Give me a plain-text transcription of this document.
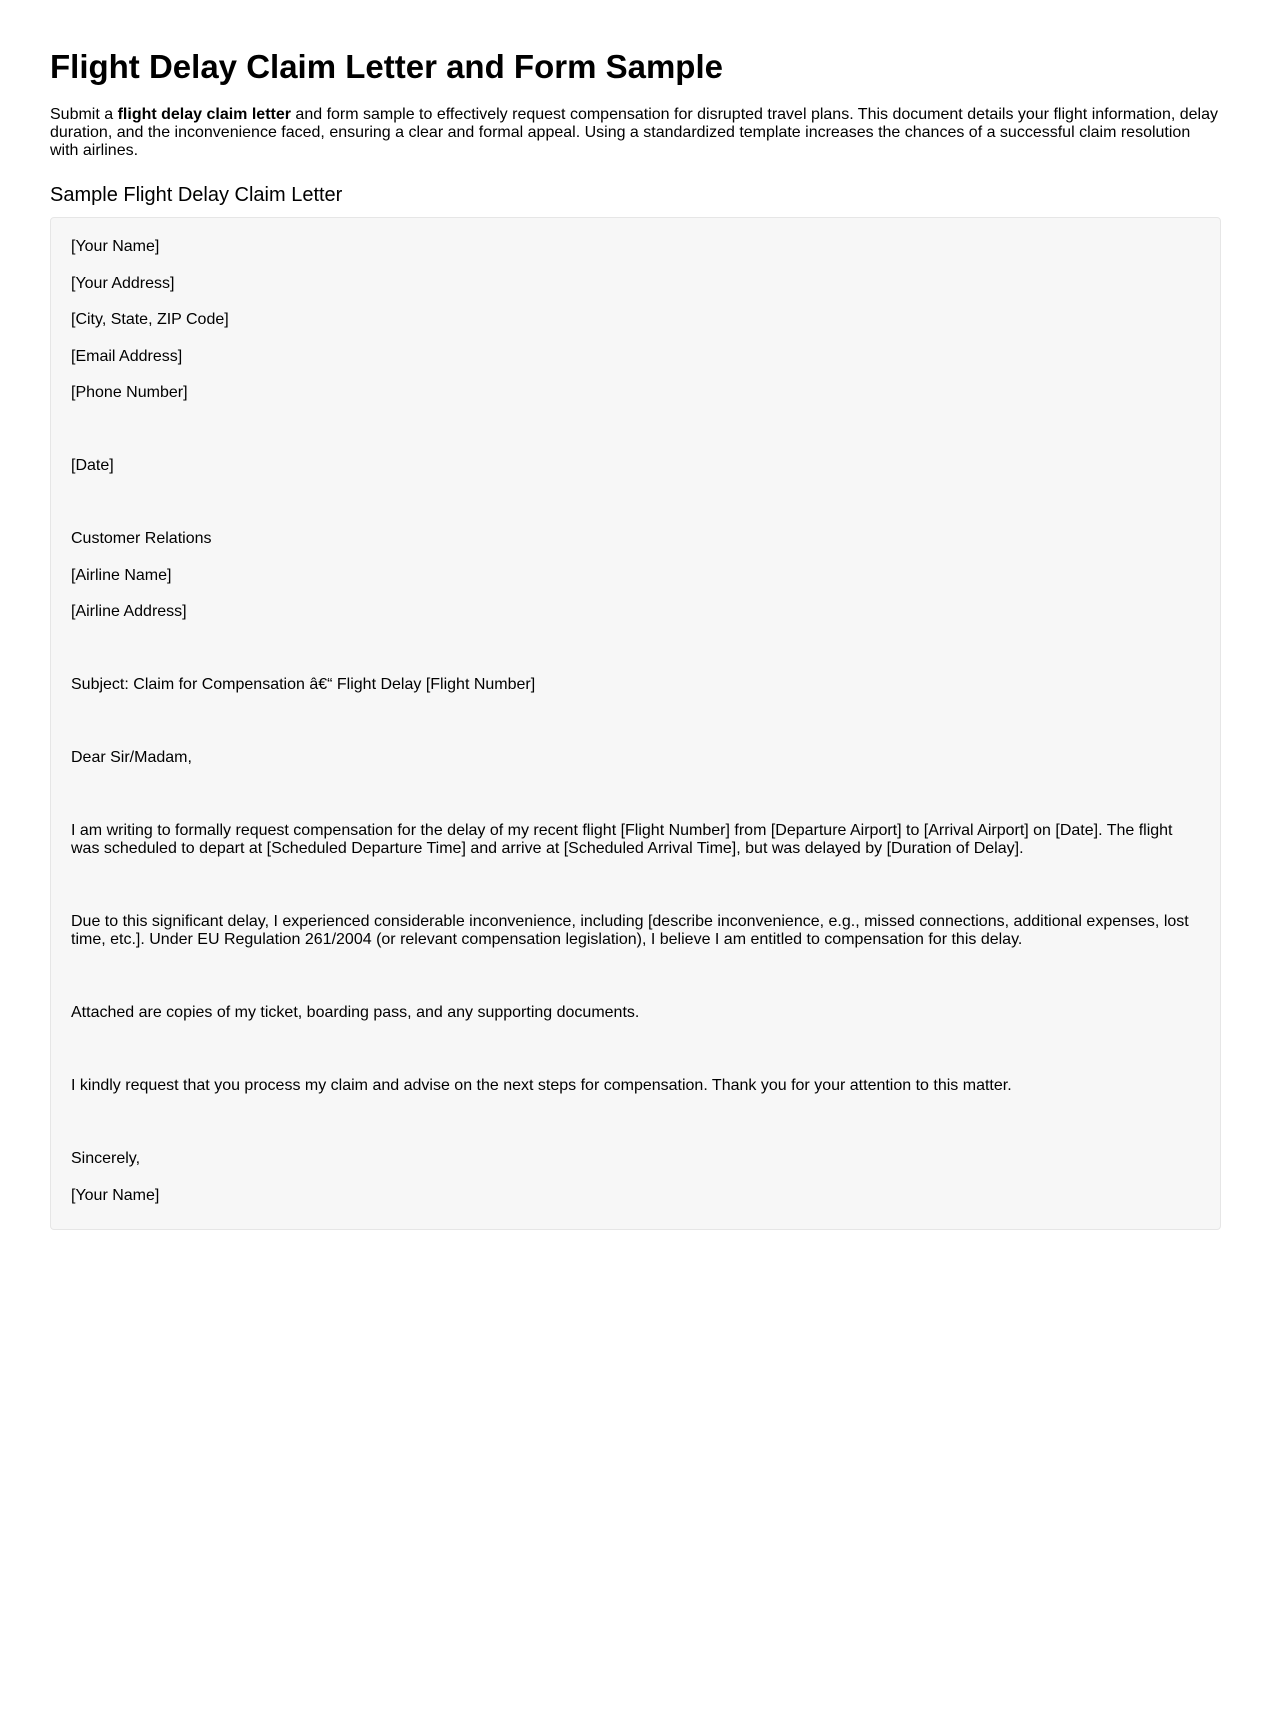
Flight Delay Claim Letter and Form Sample

Submit a flight delay claim letter and form sample to effectively request compensation for disrupted travel plans. This document details your flight information, delay duration, and the inconvenience faced, ensuring a clear and formal appeal. Using a standardized template increases the chances of a successful claim resolution with airlines.

Sample Flight Delay Claim Letter

[Your Name]

[Your Address]

[City, State, ZIP Code]

[Email Address]

[Phone Number]

[Date]

Customer Relations

[Airline Name]

[Airline Address]

Subject: Claim for Compensation â€“ Flight Delay [Flight Number]

Dear Sir/Madam,

I am writing to formally request compensation for the delay of my recent flight [Flight Number] from [Departure Airport] to [Arrival Airport] on [Date]. The flight was scheduled to depart at [Scheduled Departure Time] and arrive at [Scheduled Arrival Time], but was delayed by [Duration of Delay].

Due to this significant delay, I experienced considerable inconvenience, including [describe inconvenience, e.g., missed connections, additional expenses, lost time, etc.]. Under EU Regulation 261/2004 (or relevant compensation legislation), I believe I am entitled to compensation for this delay.

Attached are copies of my ticket, boarding pass, and any supporting documents.

I kindly request that you process my claim and advise on the next steps for compensation. Thank you for your attention to this matter.

Sincerely,

[Your Name]
